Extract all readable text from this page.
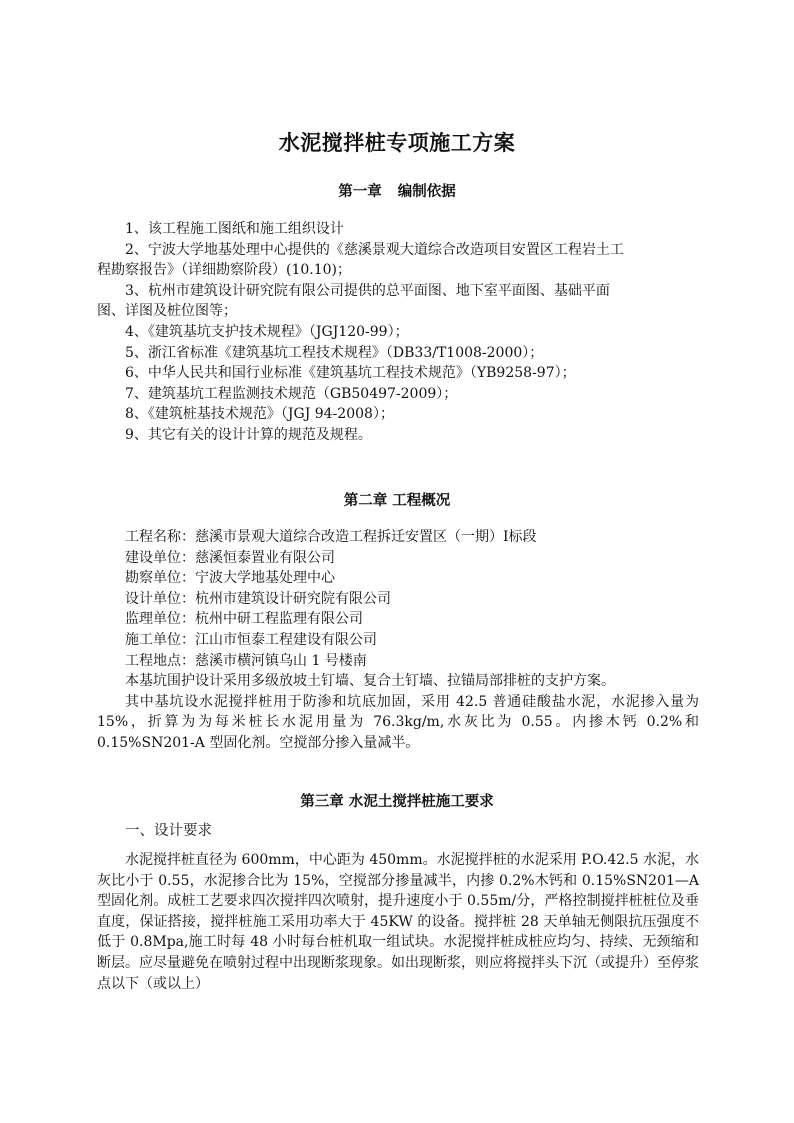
水泥搅拌桩专项施工方案
第一章 编制依据

1、该工程施工图纸和施工组织设计

2、宁波大学地基处理中心提供的《慈溪景观大道综合改造项目安置区工程岩土工

程勘察报告》（详细勘察阶段）(10.10)；

3、杭州市建筑设计研究院有限公司提供的总平面图、地下室平面图、基础平面

图、详图及桩位图等；

4、《建筑基坑支护技术规程》（JGJ120-99）；

5、浙江省标准《建筑基坑工程技术规程》（DB33/T1008-2000）；

6、中华人民共和国行业标准《建筑基坑工程技术规范》（YB9258-97）；

7、建筑基坑工程监测技术规范（GB50497-2009）；

8、《建筑桩基技术规范》（JGJ 94-2008）；

9、其它有关的设计计算的规范及规程。

第二章 工程概况

工程名称：慈溪市景观大道综合改造工程拆迁安置区（一期）Ⅰ标段

建设单位：慈溪恒泰置业有限公司

勘察单位：宁波大学地基处理中心

设计单位：杭州市建筑设计研究院有限公司

监理单位：杭州中研工程监理有限公司

施工单位：江山市恒泰工程建设有限公司

工程地点：慈溪市横河镇乌山 1 号楼南

本基坑围护设计采用多级放坡土钉墙、复合土钉墙、拉锚局部排桩的支护方案。

其中基坑设水泥搅拌桩用于防渗和坑底加固，采用 42.5 普通硅酸盐水泥，水泥掺入量为 15%，折算为为每米桩长水泥用量为 76.3kg/m,水灰比为 0.55。内掺木钙 0.2%和 0.15%SN201-A 型固化剂。空搅部分掺入量减半。

第三章 水泥土搅拌桩施工要求
一、设计要求

水泥搅拌桩直径为 600mm，中心距为 450mm。水泥搅拌桩的水泥采用 P.O.42.5 水泥，水灰比小于 0.55，水泥掺合比为 15%，空搅部分掺量减半，内掺 0.2%木钙和 0.15%SN201—A 型固化剂。成桩工艺要求四次搅拌四次喷射，提升速度小于 0.55m/分，严格控制搅拌桩桩位及垂直度，保证搭接，搅拌桩施工采用功率大于 45KW 的设备。搅拌桩 28 天单轴无侧限抗压强度不低于 0.8Mpa,施工时每 48 小时每台桩机取一组试块。水泥搅拌桩成桩应均匀、持续、无颈缩和断层。应尽量避免在喷射过程中出现断浆现象。如出现断浆，则应将搅拌头下沉（或提升）至停浆点以下（或以上）
